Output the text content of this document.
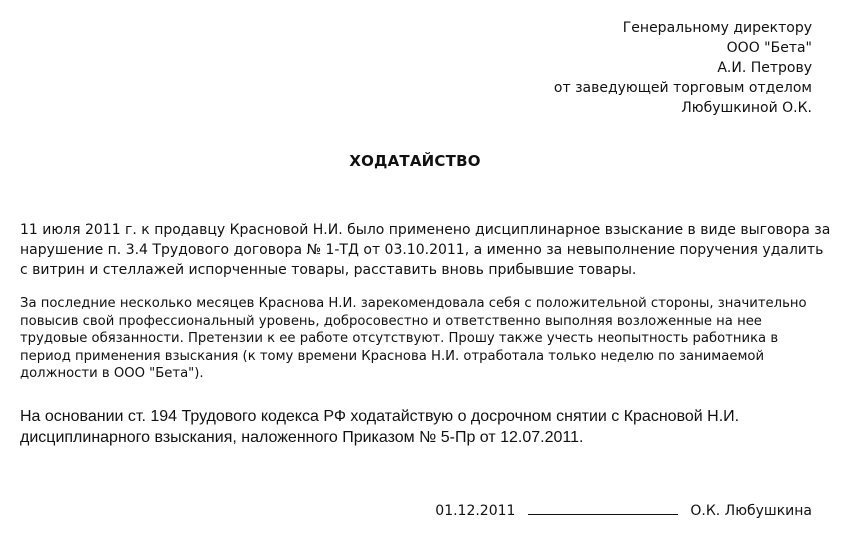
Генеральному директору
ООО "Бета"
А.И. Петрову
от заведующей торговым отделом
Любушкиной О.К.
ХОДАТАЙСТВО

11 июля 2011 г. к продавцу Красновой Н.И. было применено дисциплинарное взыскание в виде выговора за нарушение п. 3.4 Трудового договора № 1-ТД от 03.10.2011, а именно за невыполнение поручения удалить с витрин и стеллажей испорченные товары, расставить вновь прибывшие товары.

За последние несколько месяцев Краснова Н.И. зарекомендовала себя с положительной стороны, значительно повысив свой профессиональный уровень, добросовестно и ответственно выполняя возложенные на нее трудовые обязанности. Претензии к ее работе отсутствуют. Прошу также учесть неопытность работника в период применения взыскания (к тому времени Краснова Н.И. отработала только неделю по занимаемой должности в ООО "Бета").

На основании ст. 194 Трудового кодекса РФ ходатайствую о досрочном снятии с Красновой Н.И. дисциплинарного взыскания, наложенного Приказом № 5-Пр от 12.07.2011.

01.12.2011	О.К. Любушкина
